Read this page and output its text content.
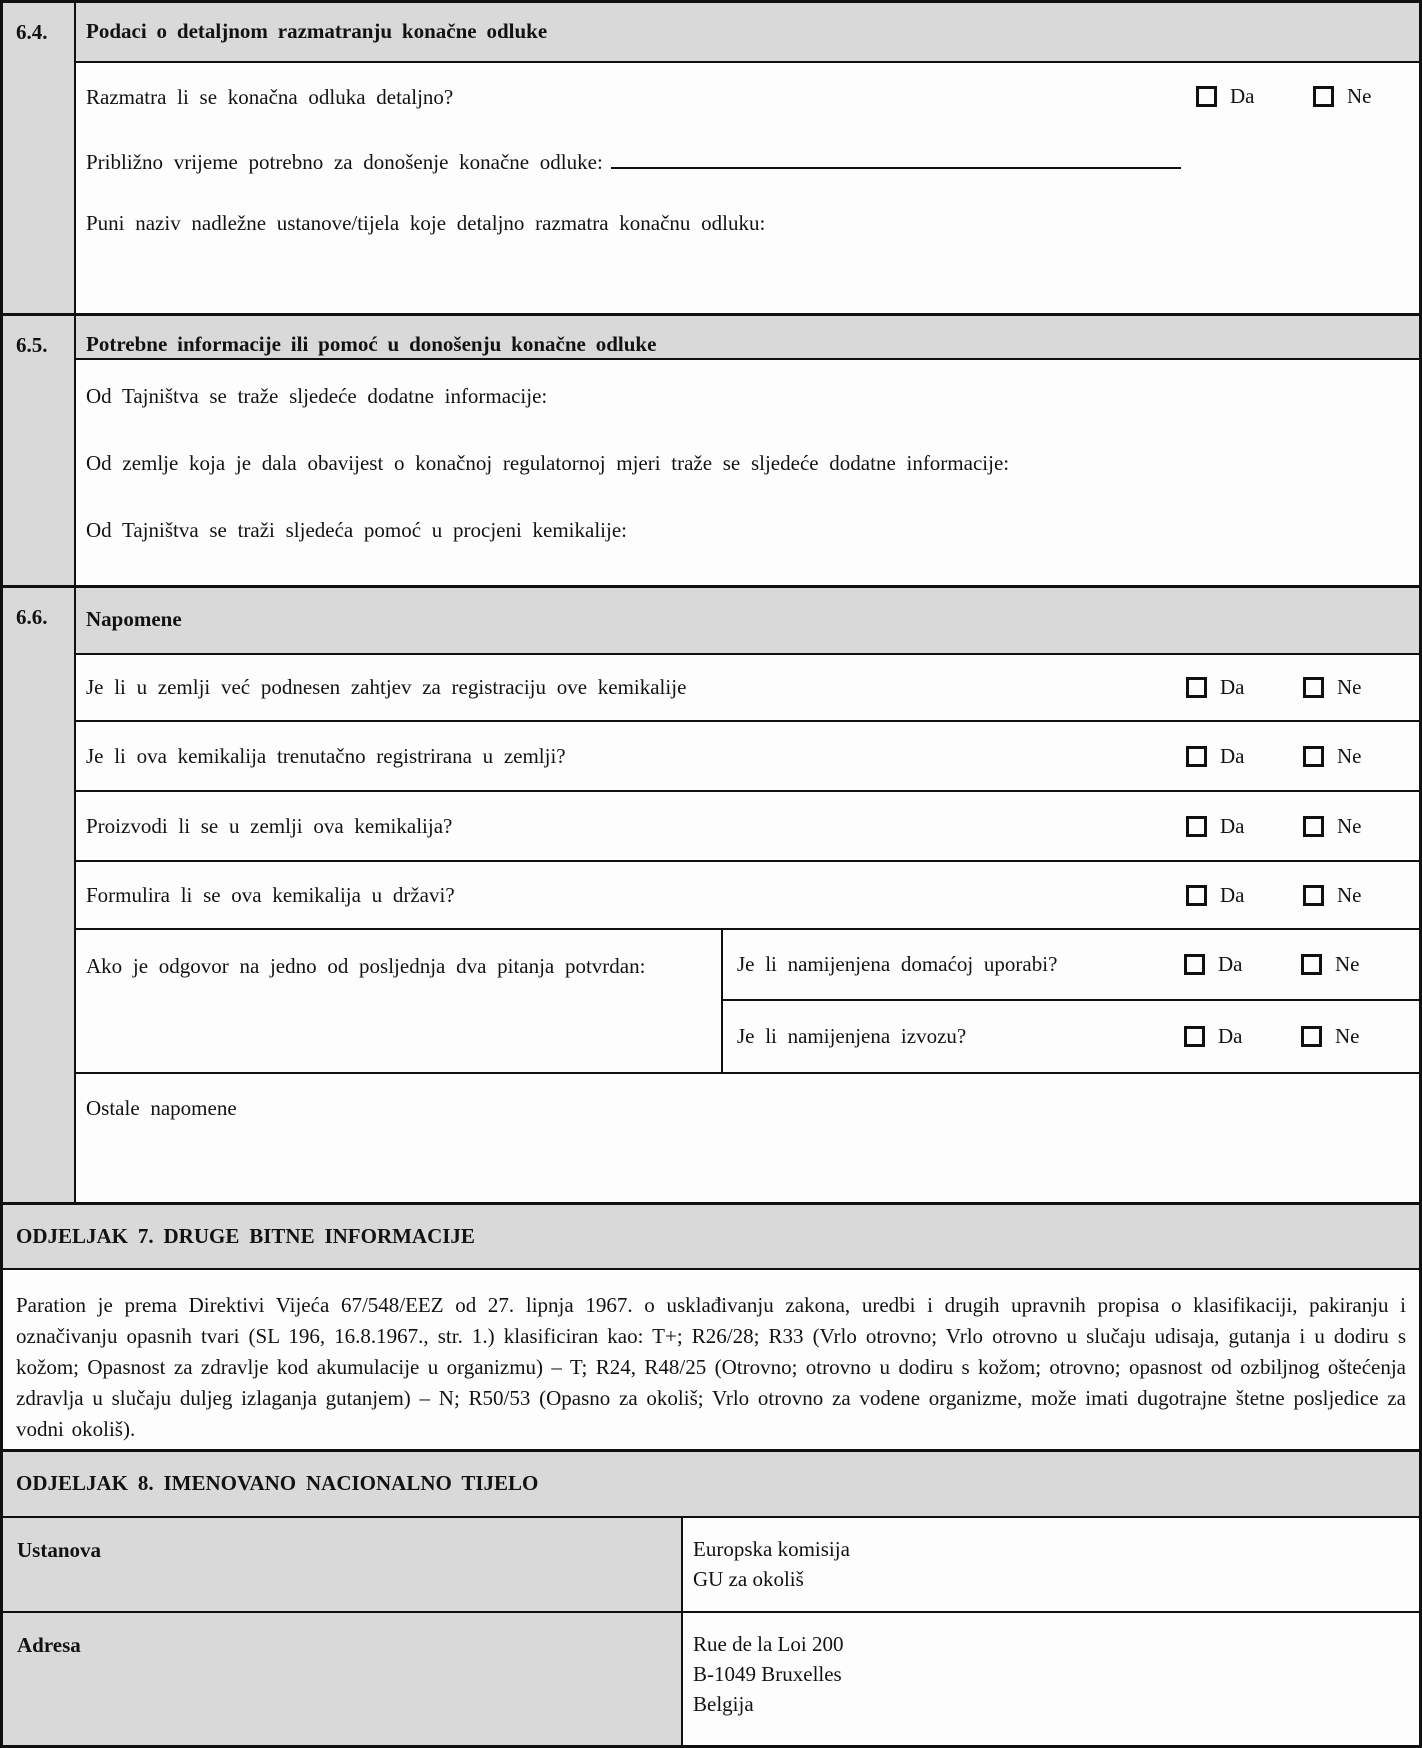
6.4.	Podaci o detaljnom razmatranju konačne odluke
Razmatra li se konačna odluka detaljno?	Da	Ne
Približno vrijeme potrebno za donošenje konačne odluke:
Puni naziv nadležne ustanove/tijela koje detaljno razmatra konačnu odluku:
6.5.	Potrebne informacije ili pomoć u donošenju konačne odluke
Od Tajništva se traže sljedeće dodatne informacije:
Od zemlje koja je dala obavijest o konačnoj regulatornoj mjeri traže se sljedeće dodatne informacije:
Od Tajništva se traži sljedeća pomoć u procjeni kemikalije:
6.6.	Napomene
Je li u zemlji već podnesen zahtjev za registraciju ove kemikalije	Da	Ne
Je li ova kemikalija trenutačno registrirana u zemlji?	Da	Ne
Proizvodi li se u zemlji ova kemikalija?	Da	Ne
Formulira li se ova kemikalija u državi?	Da	Ne
Ako je odgovor na jedno od posljednja dva pitanja potvrdan:	Je li namijenjena domaćoj uporabi?	Da	Ne
Je li namijenjena izvozu?	Da	Ne
Ostale napomene
ODJELJAK 7. DRUGE BITNE INFORMACIJE
Paration je prema Direktivi Vijeća 67/548/EEZ od 27. lipnja 1967. o usklađivanju zakona, uredbi i drugih upravnih propisa o klasifikaciji, pakiranju i označivanju opasnih tvari (SL 196, 16.8.1967., str. 1.) klasificiran kao: T+; R26/28; R33 (Vrlo otrovno; Vrlo otrovno u slučaju udisaja, gutanja i u dodiru s kožom; Opasnost za zdravlje kod akumulacije u organizmu) – T; R24, R48/25 (Otrovno; otrovno u dodiru s kožom; otrovno; opasnost od ozbiljnog oštećenja zdravlja u slučaju duljeg izlaganja gutanjem) – N; R50/53 (Opasno za okoliš; Vrlo otrovno za vodene organizme, može imati dugotrajne štetne posljedice za vodni okoliš).
ODJELJAK 8. IMENOVANO NACIONALNO TIJELO
Ustanova	Europska komisija
GU za okoliš
Adresa	Rue de la Loi 200
B-1049 Bruxelles
Belgija
